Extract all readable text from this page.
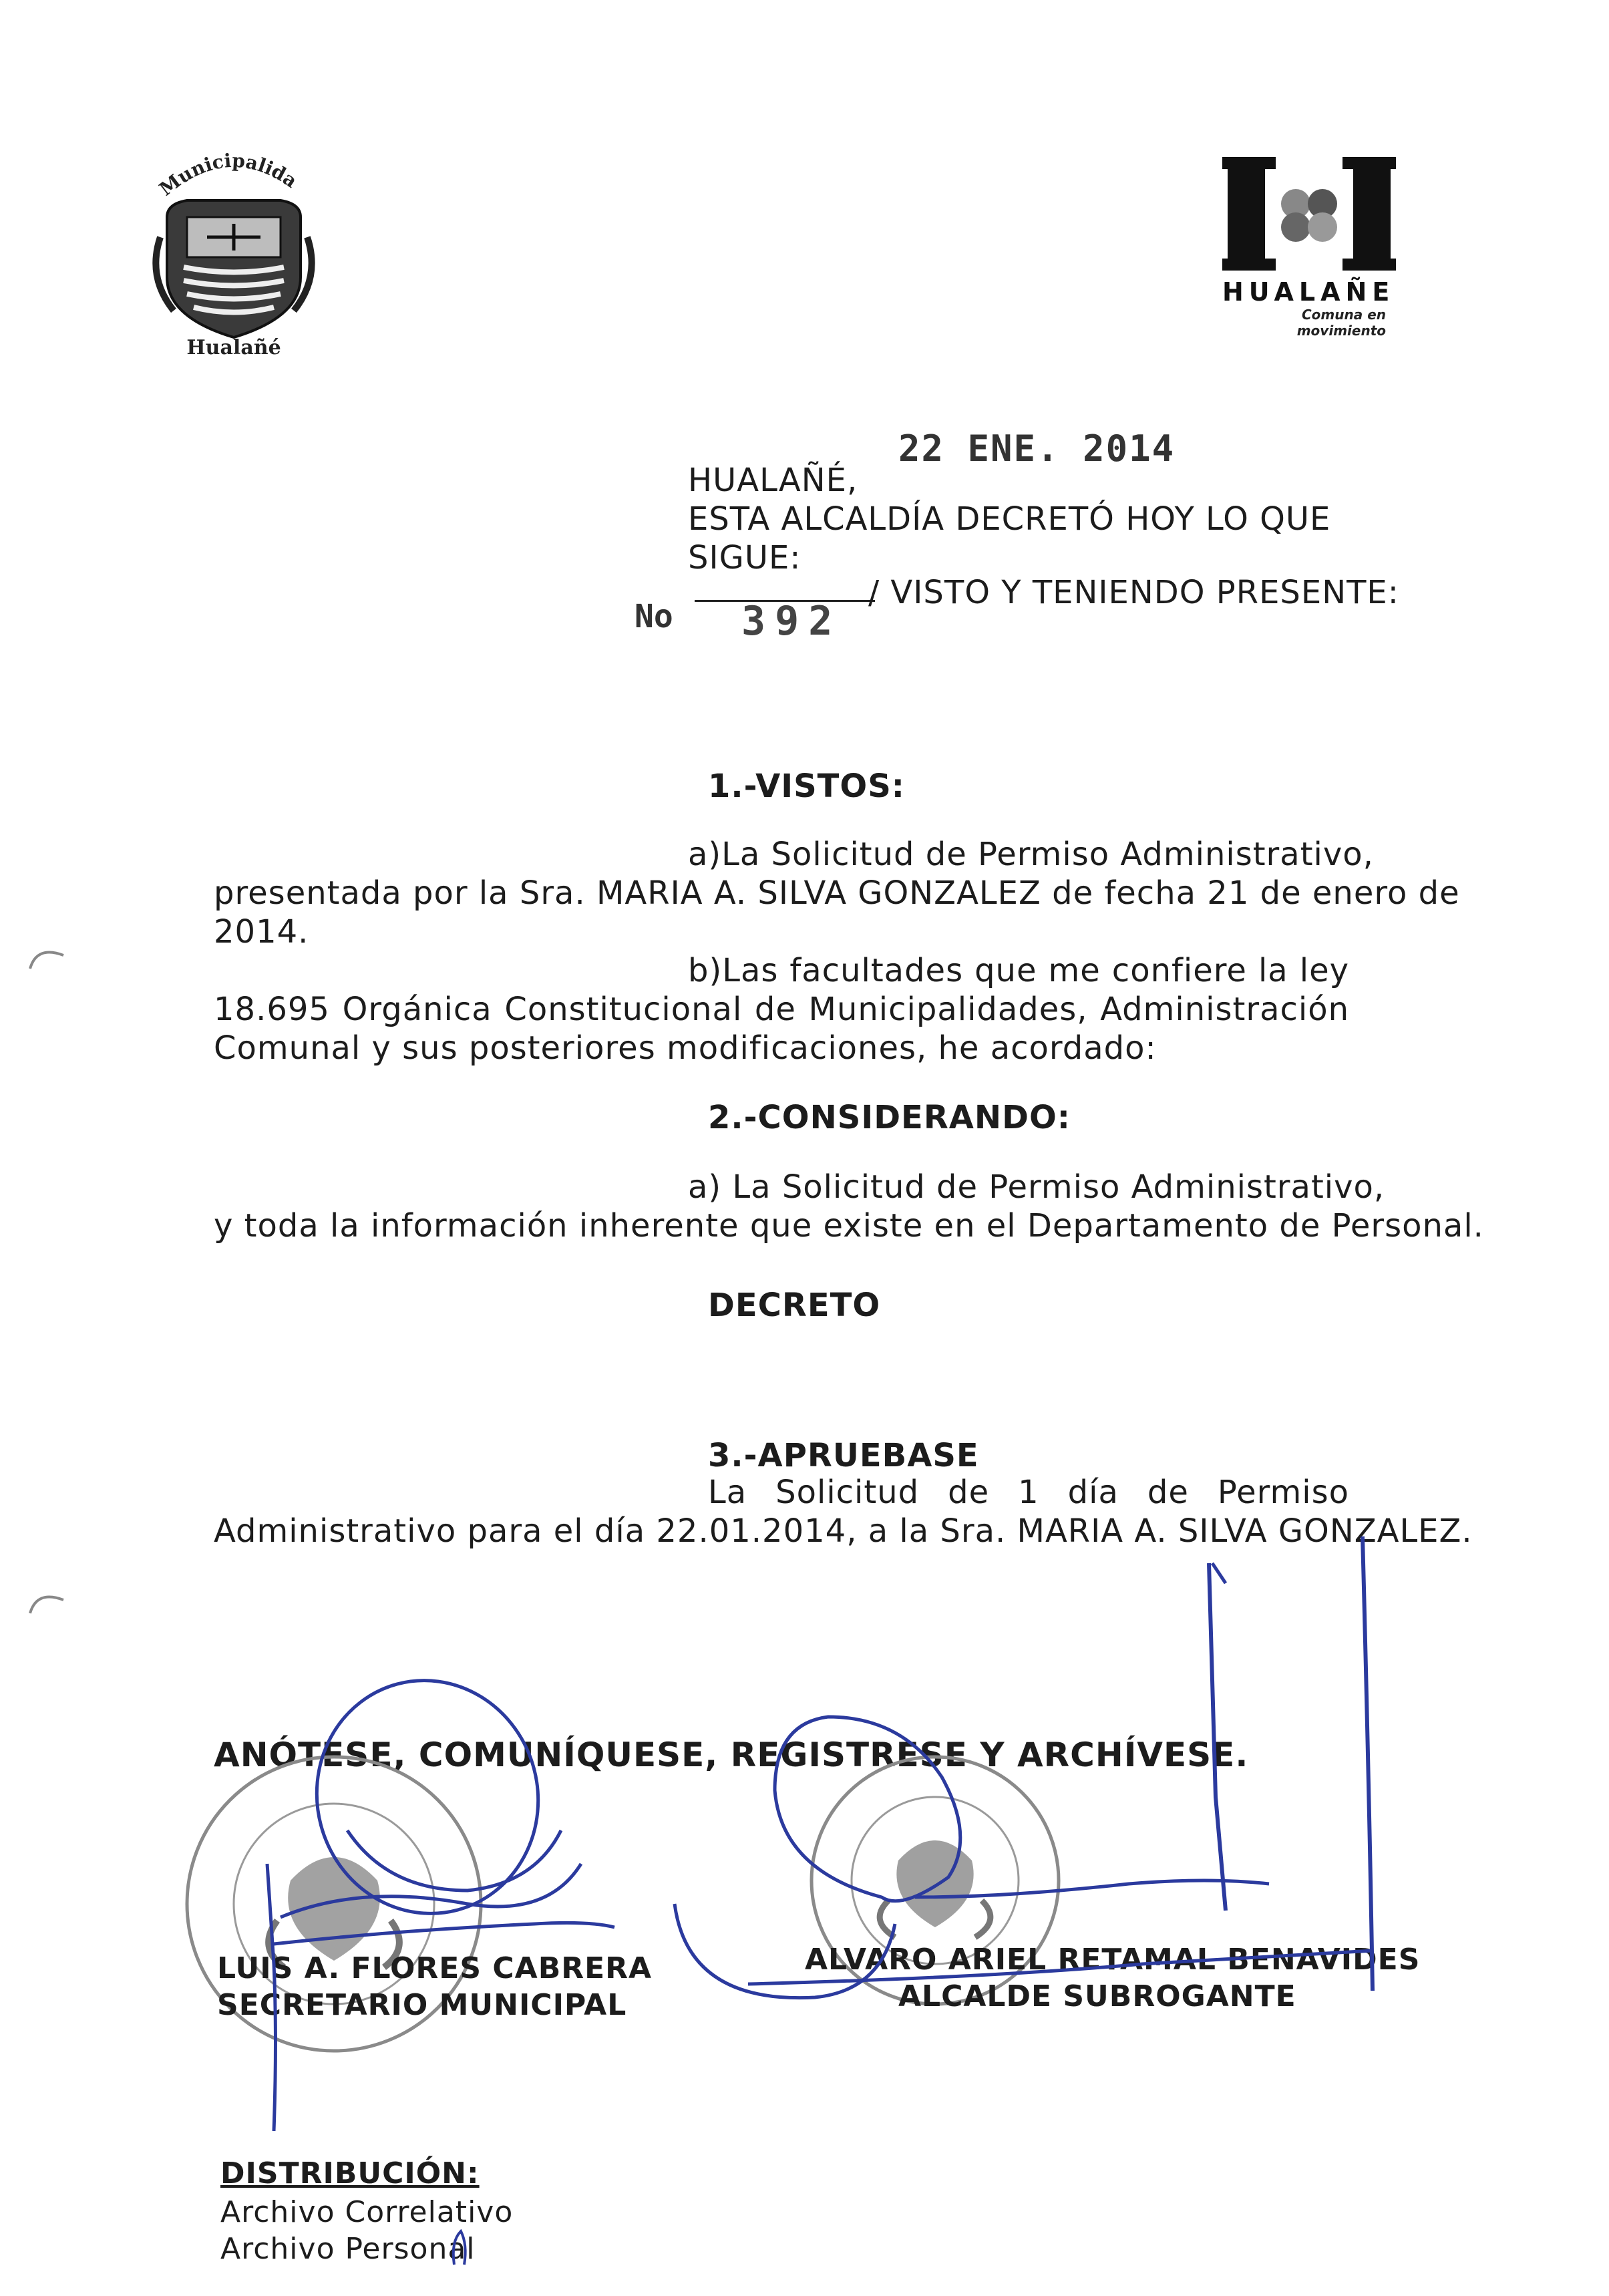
Municipalidad
Hualañé
HUALAÑE
Comuna en movimiento
22 ENE. 2014
HUALAÑÉ,
ESTA ALCALDÍA DECRETÓ HOY LO QUE
SIGUE:
No 392
/ VISTO Y TENIENDO PRESENTE:
1.-VISTOS:
a)La Solicitud de Permiso Administrativo,
presentada por la Sra. MARIA A. SILVA GONZALEZ de fecha 21 de enero de
2014.
b)Las facultades que me confiere la ley
18.695 Orgánica Constitucional de Municipalidades, Administración
Comunal y sus posteriores modificaciones, he acordado:
2.-CONSIDERANDO:
a) La Solicitud de Permiso Administrativo,
y toda la información inherente que existe en el Departamento de Personal.
DECRETO
3.-APRUEBASE
La Solicitud de 1 día de Permiso
Administrativo para el día 22.01.2014, a la Sra. MARIA A. SILVA GONZALEZ.
ANÓTESE, COMUNÍQUESE, REGISTRESE Y ARCHÍVESE.
LUIS A. FLORES CABRERA
SECRETARIO MUNICIPAL
ALVARO ARIEL RETAMAL BENAVIDES
ALCALDE SUBROGANTE
DISTRIBUCIÓN:
Archivo Correlativo
Archivo Personal
